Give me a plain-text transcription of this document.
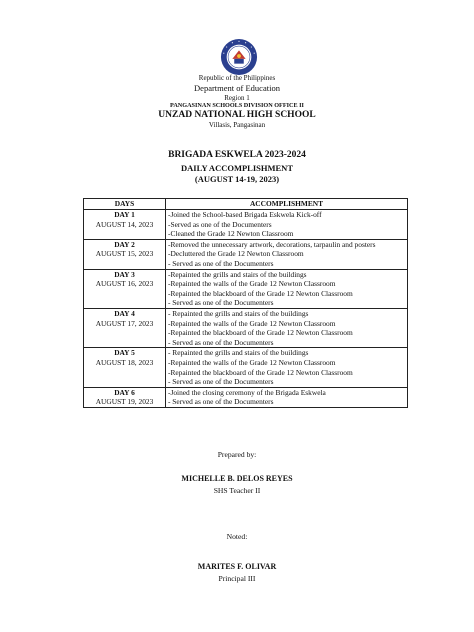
Republic of the Philippines
Department of Education
Region 1
PANGASINAN SCHOOLS DIVISION OFFICE II
UNZAD NATIONAL HIGH SCHOOL
Villasis, Pangasinan
BRIGADA ESKWELA 2023-2024
DAILY ACCOMPLISHMENT
(AUGUST 14-19, 2023)
DAYS	ACCOMPLISHMENT

DAY 1
AUGUST 14, 2023	-Joined the School-based Brigada Eskwela Kick-off
-Served as one of the Documenters
-Cleaned the Grade 12 Newton Classroom

DAY 2
AUGUST 15, 2023	-Removed the unnecessary artwork, decorations, tarpaulin and posters
-Decluttered the Grade 12 Newton Classroom
- Served as one of the Documenters

DAY 3
AUGUST 16, 2023	-Repainted the grills and stairs of the buildings
-Repainted the walls of the Grade 12 Newton Classroom
-Repainted the blackboard of the Grade 12 Newton Classroom
- Served as one of the Documenters

DAY 4
AUGUST 17, 2023	- Repainted the grills and stairs of the buildings
-Repainted the walls of the Grade 12 Newton Classroom
-Repainted the blackboard of the Grade 12 Newton Classroom
- Served as one of the Documenters

DAY 5
AUGUST 18, 2023	- Repainted the grills and stairs of the buildings
-Repainted the walls of the Grade 12 Newton Classroom
-Repainted the blackboard of the Grade 12 Newton Classroom
- Served as one of the Documenters

DAY 6
AUGUST 19, 2023	-Joined the closing ceremony of the Brigada Eskwela
- Served as one of the Documenters
Prepared by:
MICHELLE B. DELOS REYES
SHS Teacher II
Noted:
MARITES F. OLIVAR
Principal III
